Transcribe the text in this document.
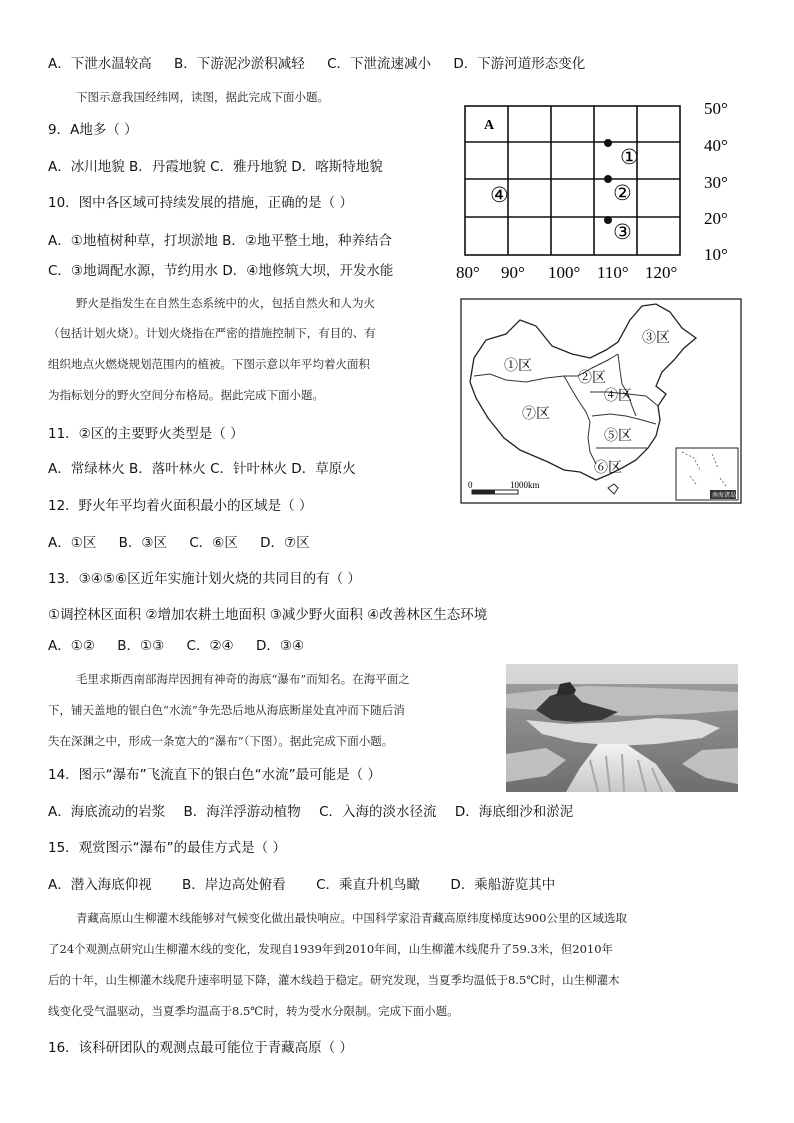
A．下泄水温较高 B．下游泥沙淤积减轻 C．下泄流速减小 D．下游河道形态变化
下图示意我国经纬网，读图，据此完成下面小题。
9．A地多（ ）
A．冰川地貌 B．丹霞地貌 C．雅丹地貌 D．喀斯特地貌
10．图中各区域可持续发展的措施，正确的是（ ）
A．①地植树种草，打坝淤地 B．②地平整土地，种养结合
C．③地调配水源，节约用水 D．④地修筑大坝，开发水能
A
①
②
③
④
50°
40°
30°
20°
10°
80° 90° 100° 110° 120°
野火是指发生在自然生态系统中的火，包括自然火和人为火
（包括计划火烧）。计划火烧指在严密的措施控制下，有目的、有
组织地点火燃烧规划范围内的植被。下图示意以年平均着火面积
为指标划分的野火空间分布格局。据此完成下面小题。
①区
②区
③区
④区
⑤区
⑥区
⑦区
0	1000km
南海诸岛
11．②区的主要野火类型是（ ）
A．常绿林火 B．落叶林火 C．针叶林火 D．草原火
12．野火年平均着火面积最小的区域是（ ）
A．①区 B．③区 C．⑥区 D．⑦区
13．③④⑤⑥区近年实施计划火烧的共同目的有（ ）
①调控林区面积 ②增加农耕土地面积 ③减少野火面积 ④改善林区生态环境
A．①② B．①③ C．②④ D．③④
毛里求斯西南部海岸因拥有神奇的海底“瀑布”而知名。在海平面之
下，铺天盖地的银白色“水流”争先恐后地从海底断崖处直冲而下随后消
失在深渊之中，形成一条宽大的“瀑布”（下图）。据此完成下面小题。
14．图示“瀑布”飞流直下的银白色“水流”最可能是（ ）
A．海底流动的岩浆 B．海洋浮游动植物 C．入海的淡水径流 D．海底细沙和淤泥
15．观赏图示“瀑布”的最佳方式是（ ）
A．潜入海底仰视 B．岸边高处俯看 C．乘直升机鸟瞰 D．乘船游览其中
青藏高原山生柳灌木线能够对气候变化做出最快响应。中国科学家沿青藏高原纬度梯度达900公里的区域选取
了24个观测点研究山生柳灌木线的变化，发现自1939年到2010年间，山生柳灌木线爬升了59.3米，但2010年
后的十年，山生柳灌木线爬升速率明显下降，灌木线趋于稳定。研究发现，当夏季均温低于8.5℃时，山生柳灌木
线变化受气温驱动，当夏季均温高于8.5℃时，转为受水分限制。完成下面小题。
16．该科研团队的观测点最可能位于青藏高原（ ）
